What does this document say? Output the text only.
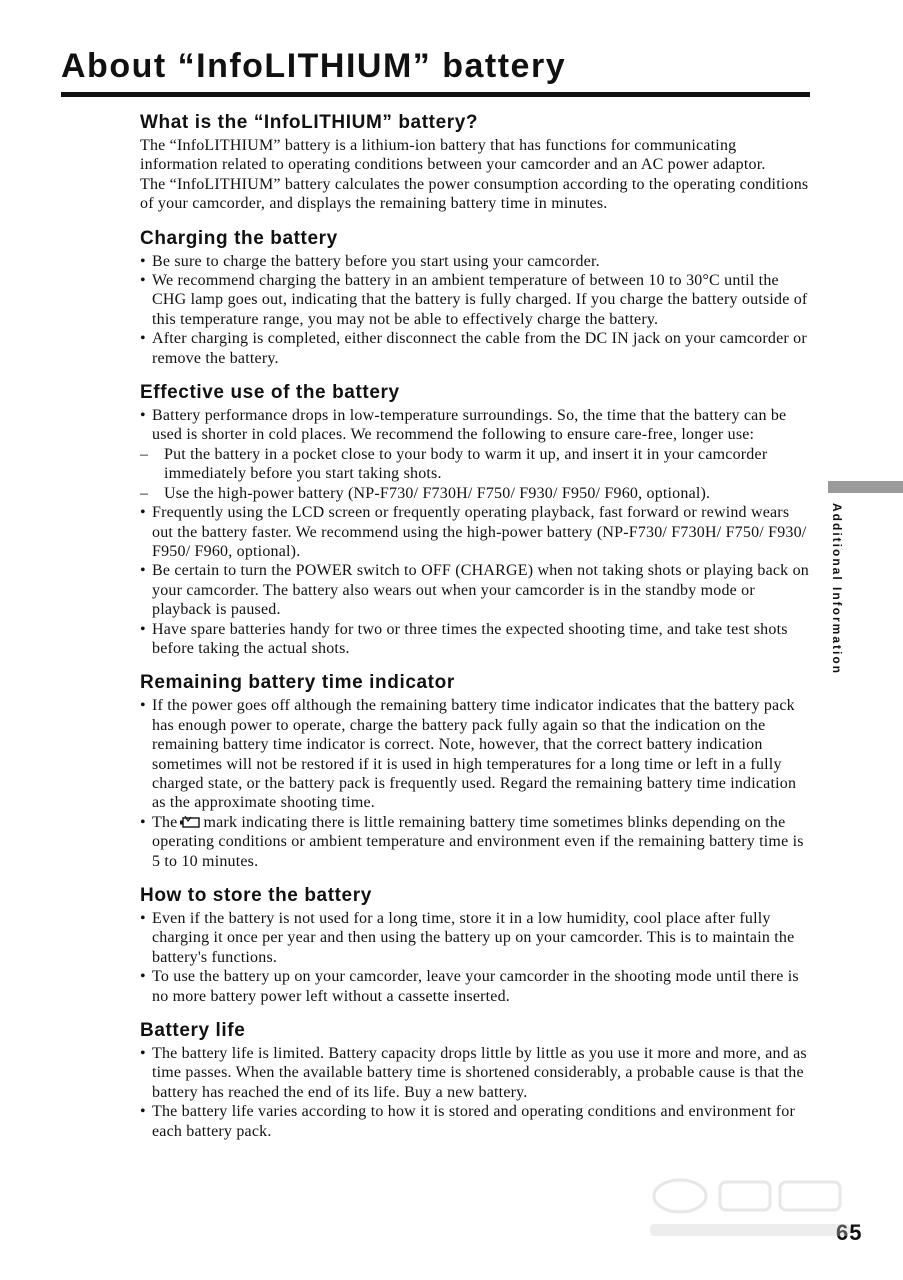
About “InfoLITHIUM” battery
What is the “InfoLITHIUM” battery?

The “InfoLITHIUM” battery is a lithium-ion battery that has functions for communicating information related to operating conditions between your camcorder and an AC power adaptor.

The “InfoLITHIUM” battery calculates the power consumption according to the operating conditions of your camcorder, and displays the remaining battery time in minutes.

Charging the battery
• Be sure to charge the battery before you start using your camcorder.
• We recommend charging the battery in an ambient temperature of between 10 to 30°C until the CHG lamp goes out, indicating that the battery is fully charged. If you charge the battery outside of this temperature range, you may not be able to effectively charge the battery.
• After charging is completed, either disconnect the cable from the DC IN jack on your camcorder or remove the battery.
Effective use of the battery
• Battery performance drops in low-temperature surroundings. So, the time that the battery can be used is shorter in cold places. We recommend the following to ensure care-free, longer use:
– Put the battery in a pocket close to your body to warm it up, and insert it in your camcorder immediately before you start taking shots.
– Use the high-power battery (NP-F730/ F730H/ F750/ F930/ F950/ F960, optional).
• Frequently using the LCD screen or frequently operating playback, fast forward or rewind wears out the battery faster. We recommend using the high-power battery (NP-F730/ F730H/ F750/ F930/ F950/ F960, optional).
• Be certain to turn the POWER switch to OFF (CHARGE) when not taking shots or playing back on your camcorder. The battery also wears out when your camcorder is in the standby mode or playback is paused.
• Have spare batteries handy for two or three times the expected shooting time, and take test shots before taking the actual shots.
Remaining battery time indicator
• If the power goes off although the remaining battery time indicator indicates that the battery pack has enough power to operate, charge the battery pack fully again so that the indication on the remaining battery time indicator is correct. Note, however, that the correct battery indication sometimes will not be restored if it is used in high temperatures for a long time or left in a fully charged state, or the battery pack is frequently used. Regard the remaining battery time indication as the approximate shooting time.
• The mark indicating there is little remaining battery time sometimes blinks depending on the operating conditions or ambient temperature and environment even if the remaining battery time is 5 to 10 minutes.
How to store the battery
• Even if the battery is not used for a long time, store it in a low humidity, cool place after fully charging it once per year and then using the battery up on your camcorder. This is to maintain the battery's functions.
• To use the battery up on your camcorder, leave your camcorder in the shooting mode until there is no more battery power left without a cassette inserted.
Battery life
• The battery life is limited. Battery capacity drops little by little as you use it more and more, and as time passes. When the available battery time is shortened considerably, a probable cause is that the battery has reached the end of its life. Buy a new battery.
• The battery life varies according to how it is stored and operating conditions and environment for each battery pack.
Additional Information
65
